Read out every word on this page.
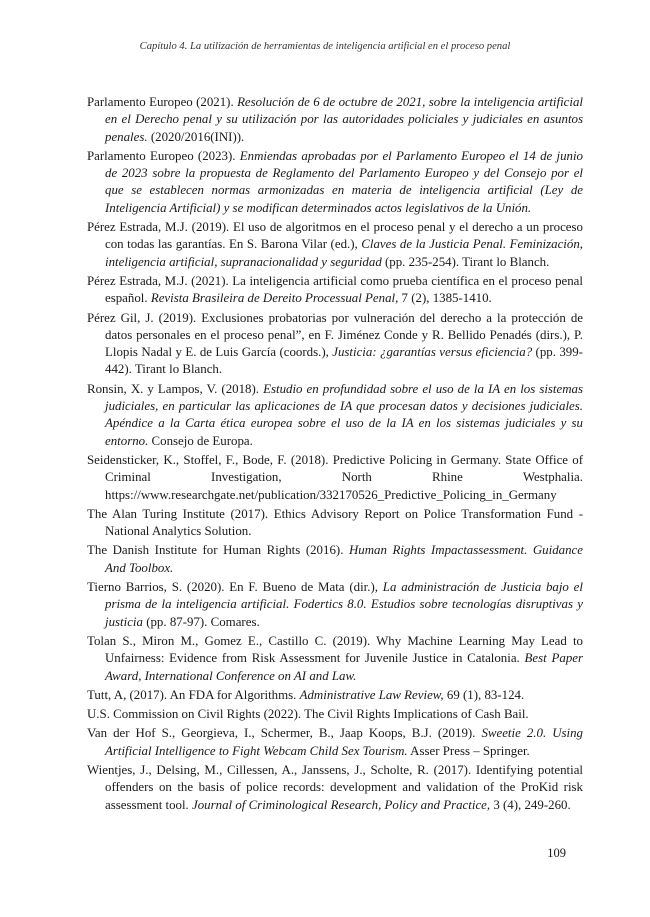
Capítulo 4. La utilización de herramientas de inteligencia artificial en el proceso penal
Parlamento Europeo (2021). Resolución de 6 de octubre de 2021, sobre la inteligencia artificial en el Derecho penal y su utilización por las autoridades policiales y judiciales en asuntos penales. (2020/2016(INI)).
Parlamento Europeo (2023). Enmiendas aprobadas por el Parlamento Europeo el 14 de junio de 2023 sobre la propuesta de Reglamento del Parlamento Europeo y del Consejo por el que se establecen normas armonizadas en materia de inteligencia artificial (Ley de Inteligencia Artificial) y se modifican determinados actos legislativos de la Unión.
Pérez Estrada, M.J. (2019). El uso de algoritmos en el proceso penal y el derecho a un proceso con todas las garantías. En S. Barona Vilar (ed.), Claves de la Justicia Penal. Feminización, inteligencia artificial, supranacionalidad y seguridad (pp. 235-254). Tirant lo Blanch.
Pérez Estrada, M.J. (2021). La inteligencia artificial como prueba científica en el proceso penal español. Revista Brasileira de Dereito Processual Penal, 7 (2), 1385-1410.
Pérez Gil, J. (2019). Exclusiones probatorias por vulneración del derecho a la protección de datos personales en el proceso penal”, en F. Jiménez Conde y R. Bellido Penadés (dirs.), P. Llopis Nadal y E. de Luis García (coords.), Justicia: ¿garantías versus eficiencia? (pp. 399-442). Tirant lo Blanch.
Ronsin, X. y Lampos, V. (2018). Estudio en profundidad sobre el uso de la IA en los sistemas judiciales, en particular las aplicaciones de IA que procesan datos y decisiones judiciales. Apéndice a la Carta ética europea sobre el uso de la IA en los sistemas judiciales y su entorno. Consejo de Europa.
Seidensticker, K., Stoffel, F., Bode, F. (2018). Predictive Policing in Germany. State Office of Criminal Investigation, North Rhine Westphalia. https://www.researchgate.net/publication/332170526_Predictive_Policing_in_Germany
The Alan Turing Institute (2017). Ethics Advisory Report on Police Transformation Fund - National Analytics Solution.
The Danish Institute for Human Rights (2016). Human Rights Impactassessment. Guidance And Toolbox.
Tierno Barrios, S. (2020). En F. Bueno de Mata (dir.), La administración de Justicia bajo el prisma de la inteligencia artificial. Fodertics 8.0. Estudios sobre tecnologías disruptivas y justicia (pp. 87-97). Comares.
Tolan S., Miron M., Gomez E., Castillo C. (2019). Why Machine Learning May Lead to Unfairness: Evidence from Risk Assessment for Juvenile Justice in Catalonia. Best Paper Award, International Conference on AI and Law.
Tutt, A, (2017). An FDA for Algorithms. Administrative Law Review, 69 (1), 83-124.
U.S. Commission on Civil Rights (2022). The Civil Rights Implications of Cash Bail.
Van der Hof S., Georgieva, I., Schermer, B., Jaap Koops, B.J. (2019). Sweetie 2.0. Using Artificial Intelligence to Fight Webcam Child Sex Tourism. Asser Press – Springer.
Wientjes, J., Delsing, M., Cillessen, A., Janssens, J., Scholte, R. (2017). Identifying potential offenders on the basis of police records: development and validation of the ProKid risk assessment tool. Journal of Criminological Research, Policy and Practice, 3 (4), 249-260.
109
